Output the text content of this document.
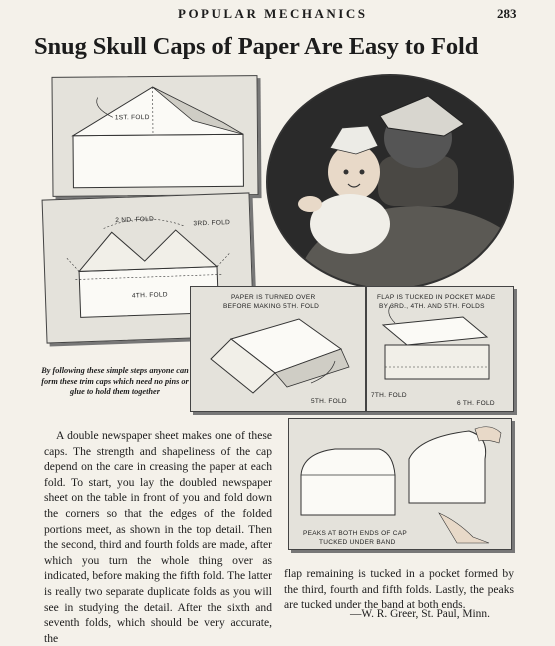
POPULAR MECHANICS	283
Snug Skull Caps of Paper Are Easy to Fold
1ST. FOLD
2 ND. FOLD	3RD. FOLD
4TH. FOLD	PAPER IS TURNED OVER
BEFORE MAKING 5TH. FOLD
5TH. FOLD
FLAP IS TUCKED IN POCKET MADE
BY 3RD., 4TH. AND 5TH. FOLDS
7TH. FOLD
6 TH. FOLD
PEAKS AT BOTH ENDS OF CAP
TUCKED UNDER BAND
By following these simple steps anyone can form these trim caps which need no pins or glue to hold them together
A double newspaper sheet makes one of these caps. The strength and shapeliness of the cap depend on the care in creasing the paper at each fold. To start, you lay the doubled newspaper sheet on the table in front of you and fold down the corners so that the edges of the folded portions meet, as shown in the top detail. Then the second, third and fourth folds are made, after which you turn the whole thing over as indicated, before making the fifth fold. The latter is really two separate duplicate folds as you will see in studying the detail. After the sixth and seventh folds, which should be very accurate, the
flap remaining is tucked in a pocket formed by the third, fourth and fifth folds. Lastly, the peaks are tucked under the band at both ends.
—W. R. Greer, St. Paul, Minn.
